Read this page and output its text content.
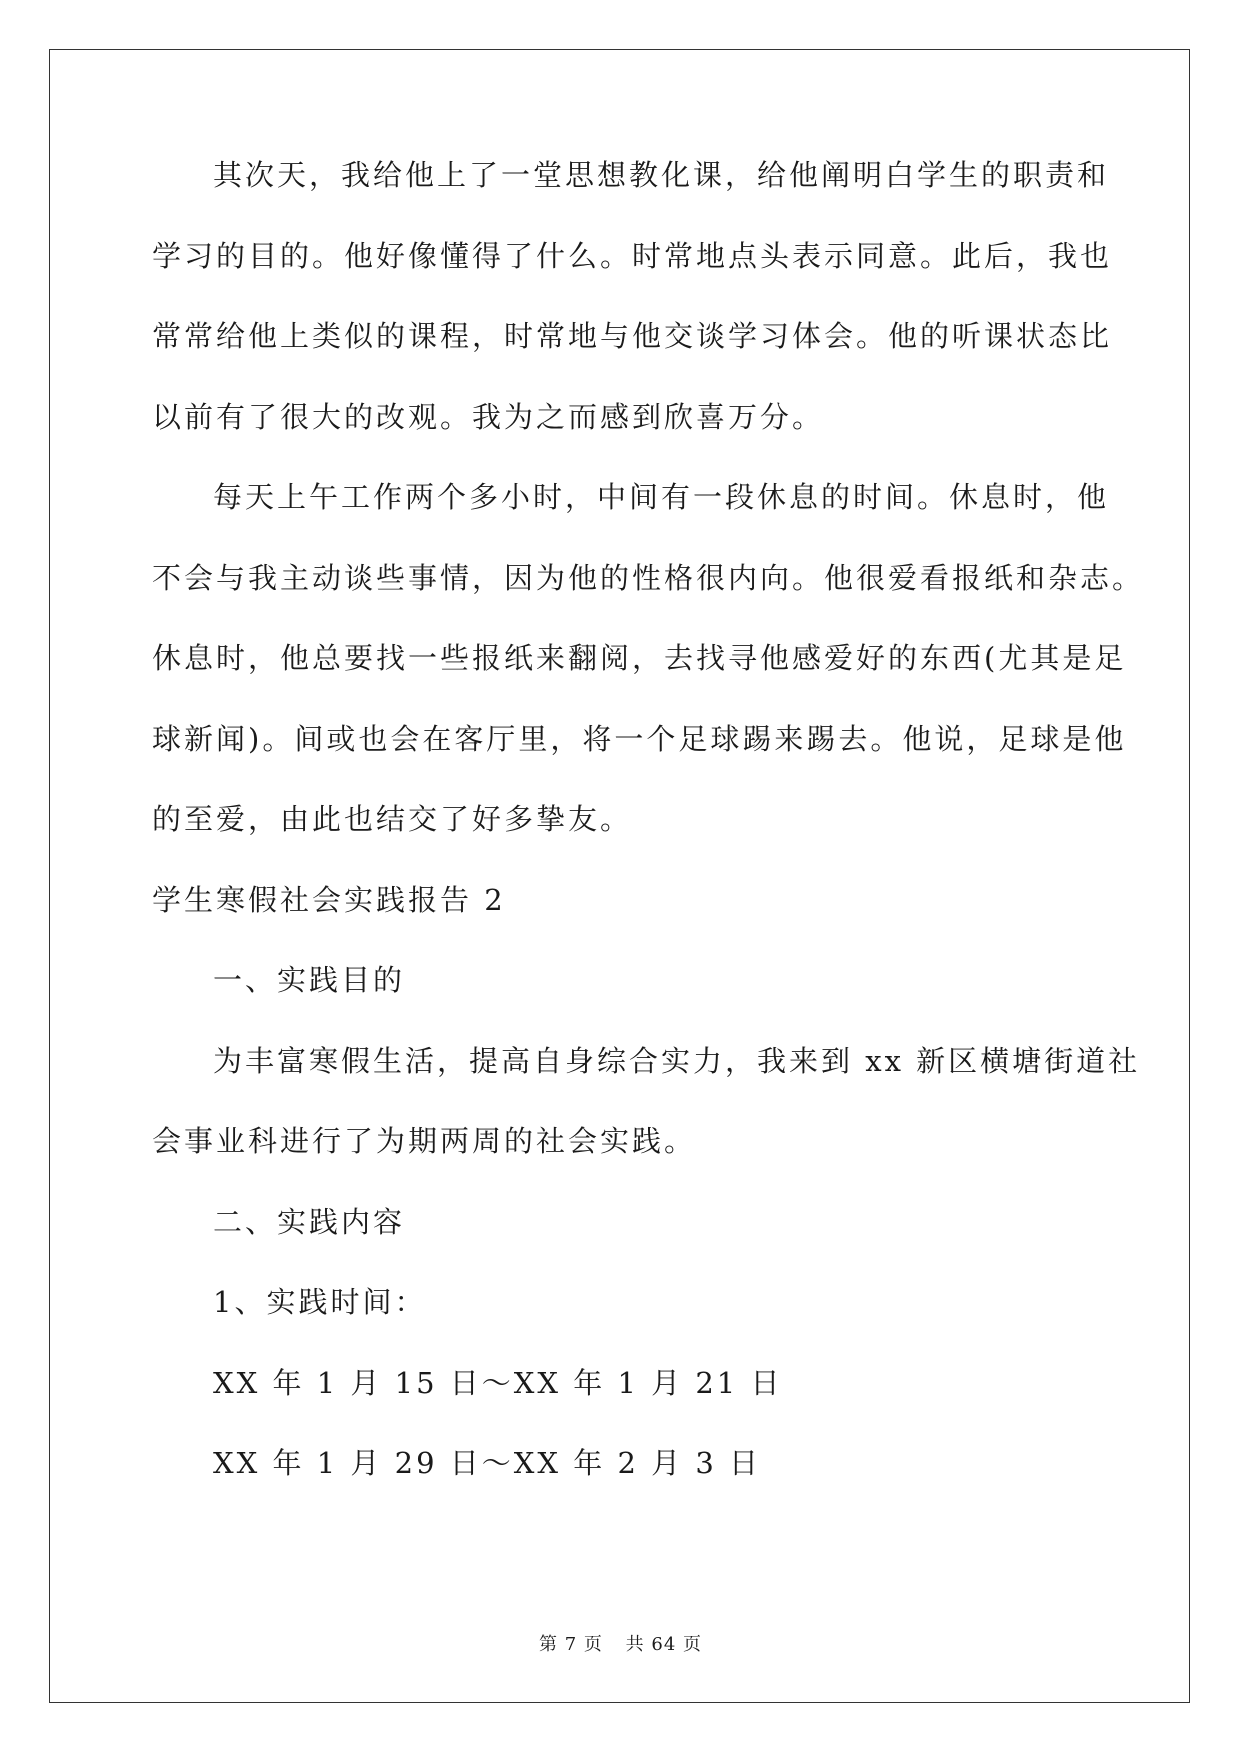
其次天，我给他上了一堂思想教化课，给他阐明白学生的职责和
学习的目的。他好像懂得了什么。时常地点头表示同意。此后，我也
常常给他上类似的课程，时常地与他交谈学习体会。他的听课状态比
以前有了很大的改观。我为之而感到欣喜万分。
每天上午工作两个多小时，中间有一段休息的时间。休息时，他
不会与我主动谈些事情，因为他的性格很内向。他很爱看报纸和杂志。
休息时，他总要找一些报纸来翻阅，去找寻他感爱好的东西(尤其是足
球新闻)。间或也会在客厅里，将一个足球踢来踢去。他说，足球是他
的至爱，由此也结交了好多挚友。
学生寒假社会实践报告 2
一、实践目的
为丰富寒假生活，提高自身综合实力，我来到 xx 新区横塘街道社
会事业科进行了为期两周的社会实践。
二、实践内容
1、实践时间：
XX 年 1 月 15 日～XX 年 1 月 21 日
XX 年 1 月 29 日～XX 年 2 月 3 日
第 7 页 共 64 页
